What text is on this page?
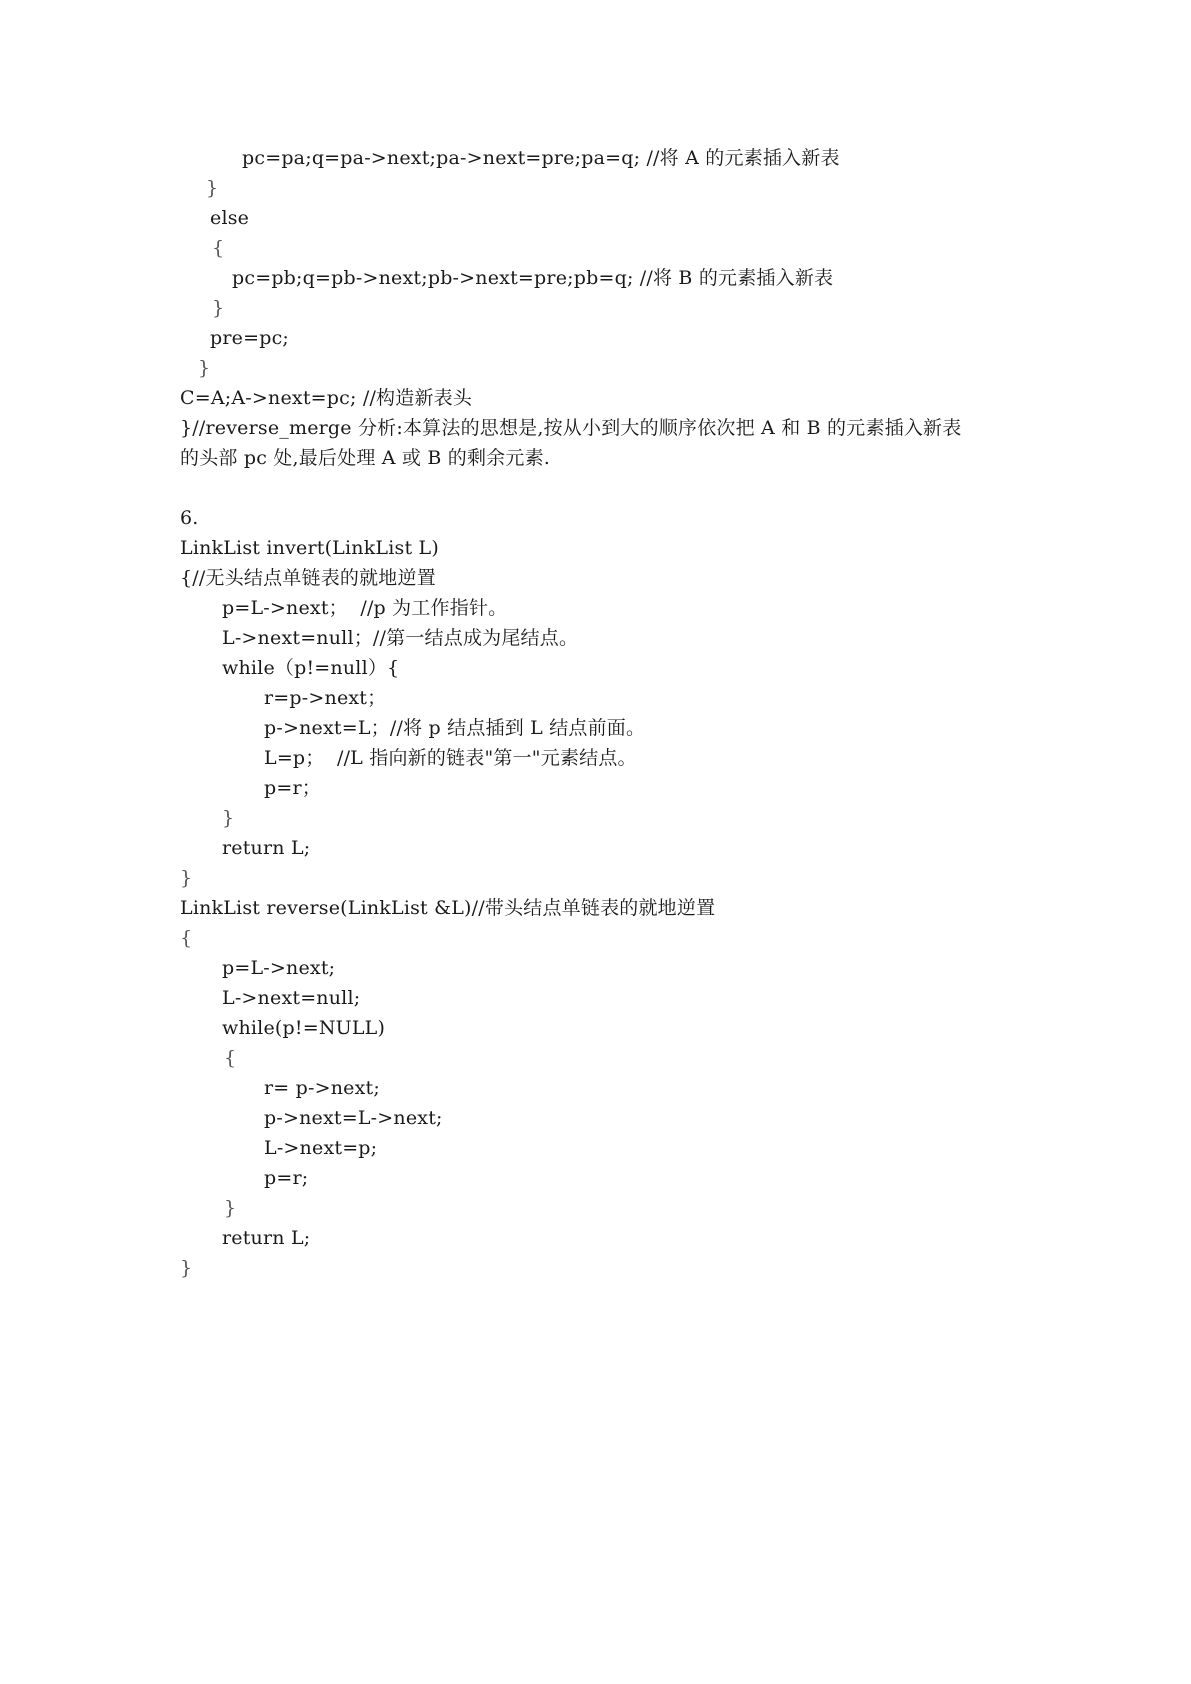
pc=pa;q=pa->next;pa->next=pre;pa=q; //将 A 的元素插入新表
}
else
{
pc=pb;q=pb->next;pb->next=pre;pb=q; //将 B 的元素插入新表
}
pre=pc;
}
C=A;A->next=pc; //构造新表头
}//reverse_merge 分析:本算法的思想是,按从小到大的顺序依次把 A 和 B 的元素插入新表
的头部 pc 处,最后处理 A 或 B 的剩余元素.
6.
LinkList invert(LinkList L)
{//无头结点单链表的就地逆置
p=L->next；  //p 为工作指针。
L->next=null；//第一结点成为尾结点。
while（p!=null）{
r=p->next；
p->next=L；//将 p 结点插到 L 结点前面。
L=p；  //L 指向新的链表"第一"元素结点。
p=r；
}
return L;
}
LinkList reverse(LinkList &L)//带头结点单链表的就地逆置
{
p=L->next;
L->next=null;
while(p!=NULL)
{
r= p->next;
p->next=L->next;
L->next=p;
p=r;
}
return L;
}
